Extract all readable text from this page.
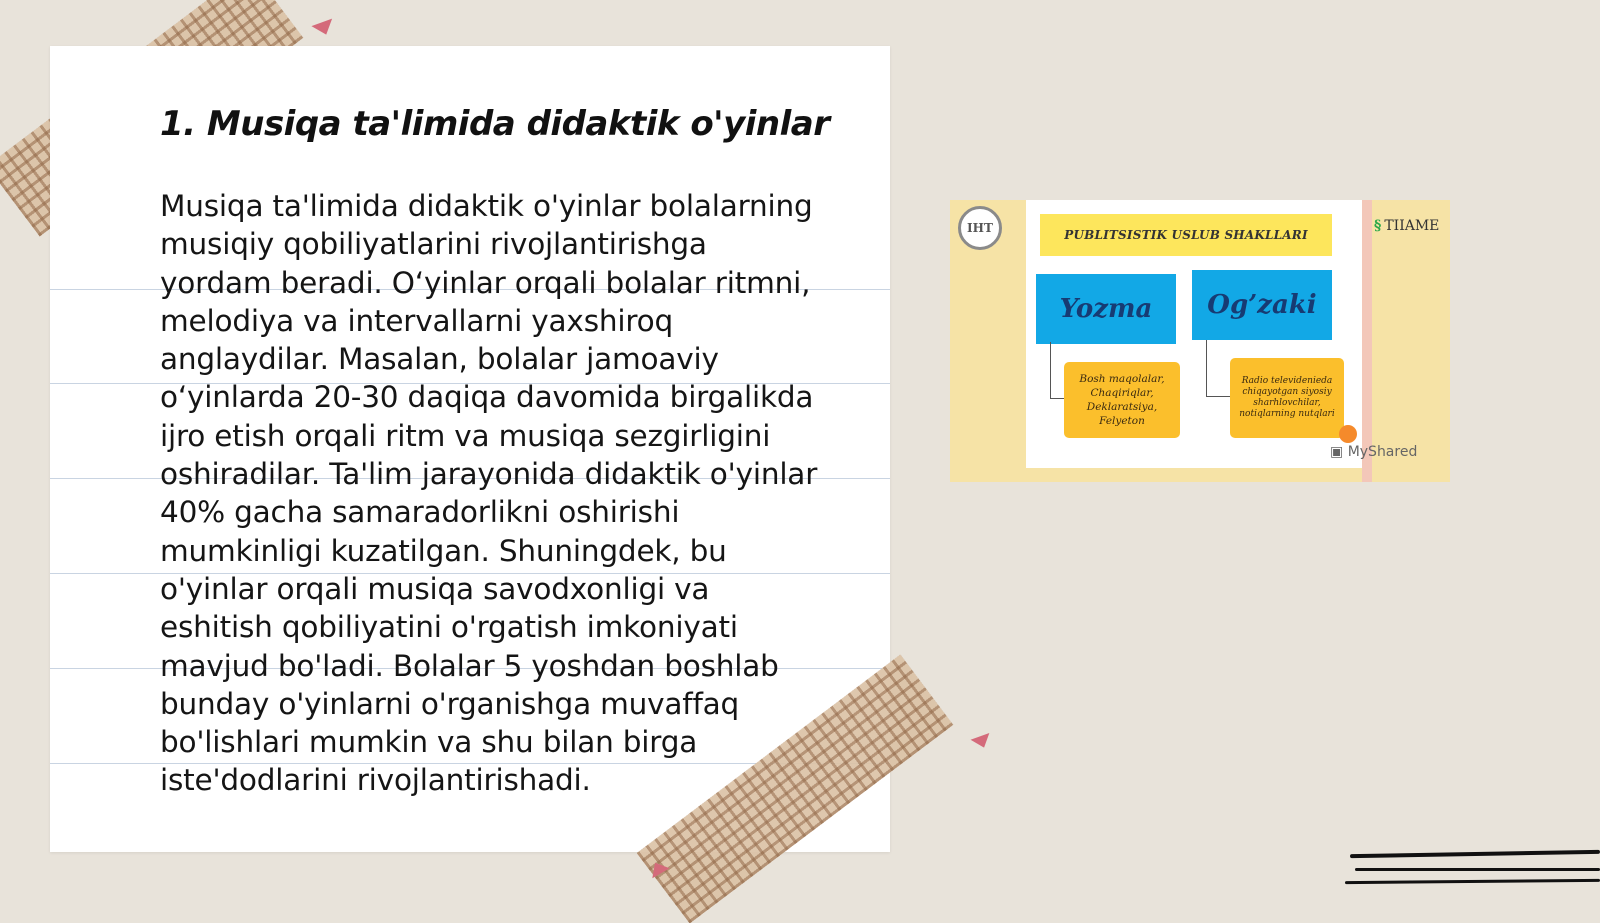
1. Musiqa ta'limida didaktik o'yinlar
Musiqa ta'limida didaktik o'yinlar bolalarning
musiqiy qobiliyatlarini rivojlantirishga
yordam beradi. O‘yinlar orqali bolalar ritmni,
melodiya va intervallarni yaxshiroq
anglaydilar. Masalan, bolalar jamoaviy
o‘yinlarda 20-30 daqiqa davomida birgalikda
ijro etish orqali ritm va musiqa sezgirligini
oshiradilar. Ta'lim jarayonida didaktik o'yinlar
40% gacha samaradorlikni oshirishi
mumkinligi kuzatilgan. Shuningdek, bu
o'yinlar orqali musiqa savodxonligi va
eshitish qobiliyatini o'rgatish imkoniyati
mavjud bo'ladi. Bolalar 5 yoshdan boshlab
bunday o'yinlarni o'rganishga muvaffaq
bo'lishlari mumkin va shu bilan birga
iste'dodlarini rivojlantirishadi.
IHT	PUBLITSISTIK USLUB SHAKLLARI
Yozma	Og’zaki
Bosh maqolalar, Chaqiriqlar, Deklaratsiya, Felyeton
Radio televidenieda chiqayotgan siyosiy sharhlovchilar, notiqlarning nutqlari
§ TIIAME
▣ MyShared
